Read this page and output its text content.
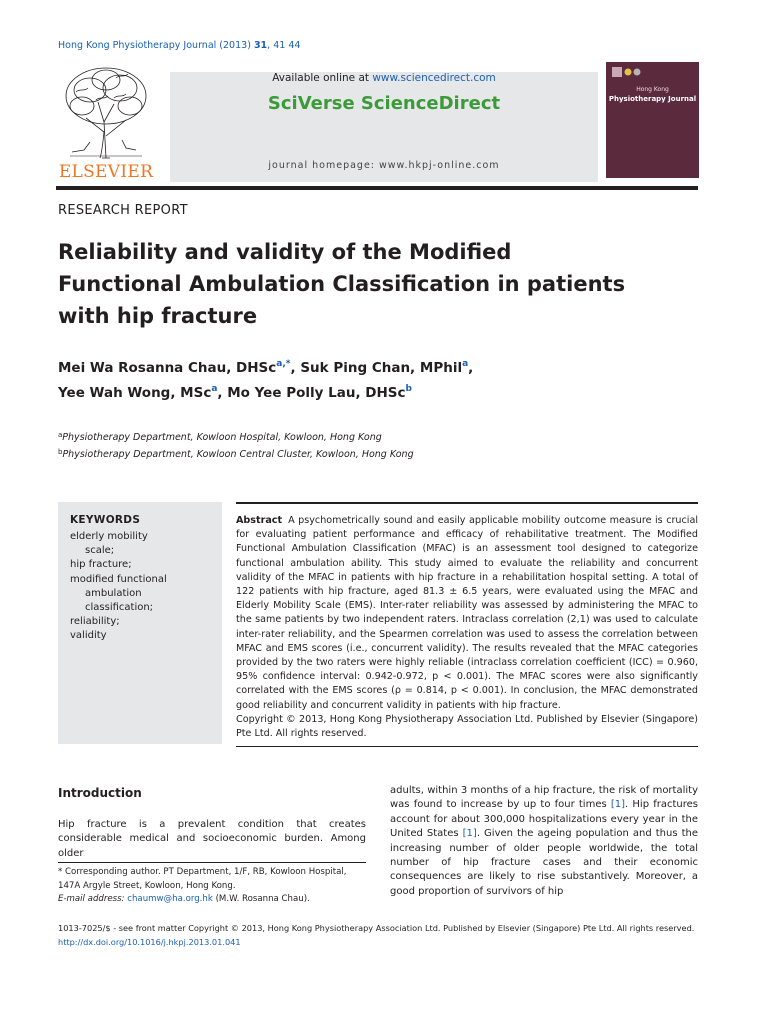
Hong Kong Physiotherapy Journal (2013) 31, 41 44
ELSEVIER
Available online at www.sciencedirect.com
SciVerse ScienceDirect
journal homepage: www.hkpj-online.com
Hong Kong
Physiotherapy Journal
RESEARCH REPORT
Reliability and validity of the Modified
Functional Ambulation Classification in patients
with hip fracture
Mei Wa Rosanna Chau, DHSc$^{a,*}$, Suk Ping Chan, MPhil$^a$,
Yee Wah Wong, MSc$^a$, Mo Yee Polly Lau, DHSc$^b$
$^a$Physiotherapy Department, Kowloon Hospital, Kowloon, Hong Kong
$^b$Physiotherapy Department, Kowloon Central Cluster, Kowloon, Hong Kong
KEYWORDS
elderly mobility
scale;
hip fracture;
modified functional
ambulation
classification;
reliability;
validity
Abstract A psychometrically sound and easily applicable mobility outcome measure is crucial for evaluating patient performance and efficacy of rehabilitative treatment. The Modified Functional Ambulation Classification (MFAC) is an assessment tool designed to categorize functional ambulation ability. This study aimed to evaluate the reliability and concurrent validity of the MFAC in patients with hip fracture in a rehabilitation hospital setting. A total of 122 patients with hip fracture, aged 81.3 ± 6.5 years, were evaluated using the MFAC and Elderly Mobility Scale (EMS). Inter-rater reliability was assessed by administering the MFAC to the same patients by two independent raters. Intraclass correlation (2,1) was used to calculate inter-rater reliability, and the Spearmen correlation was used to assess the correlation between MFAC and EMS scores (i.e., concurrent validity). The results revealed that the MFAC categories provided by the two raters were highly reliable (intraclass correlation coefficient (ICC) = 0.960, 95% confidence interval: 0.942-0.972, p < 0.001). The MFAC scores were also significantly correlated with the EMS scores (ρ = 0.814, p < 0.001). In conclusion, the MFAC demonstrated good reliability and concurrent validity in patients with hip fracture.
Copyright © 2013, Hong Kong Physiotherapy Association Ltd. Published by Elsevier (Singapore) Pte Ltd. All rights reserved.
Introduction
Hip fracture is a prevalent condition that creates considerable medical and socioeconomic burden. Among older
* Corresponding author. PT Department, 1/F, RB, Kowloon Hospital, 147A Argyle Street, Kowloon, Hong Kong.
E-mail address: chaumw@ha.org.hk (M.W. Rosanna Chau).
adults, within 3 months of a hip fracture, the risk of mortality was found to increase by up to four times [1]. Hip fractures account for about 300,000 hospitalizations every year in the United States [1]. Given the ageing population and thus the increasing number of older people worldwide, the total number of hip fracture cases and their economic consequences are likely to rise substantively. Moreover, a good proportion of survivors of hip
1013-7025/$ - see front matter Copyright © 2013, Hong Kong Physiotherapy Association Ltd. Published by Elsevier (Singapore) Pte Ltd. All rights reserved.
http://dx.doi.org/10.1016/j.hkpj.2013.01.041
